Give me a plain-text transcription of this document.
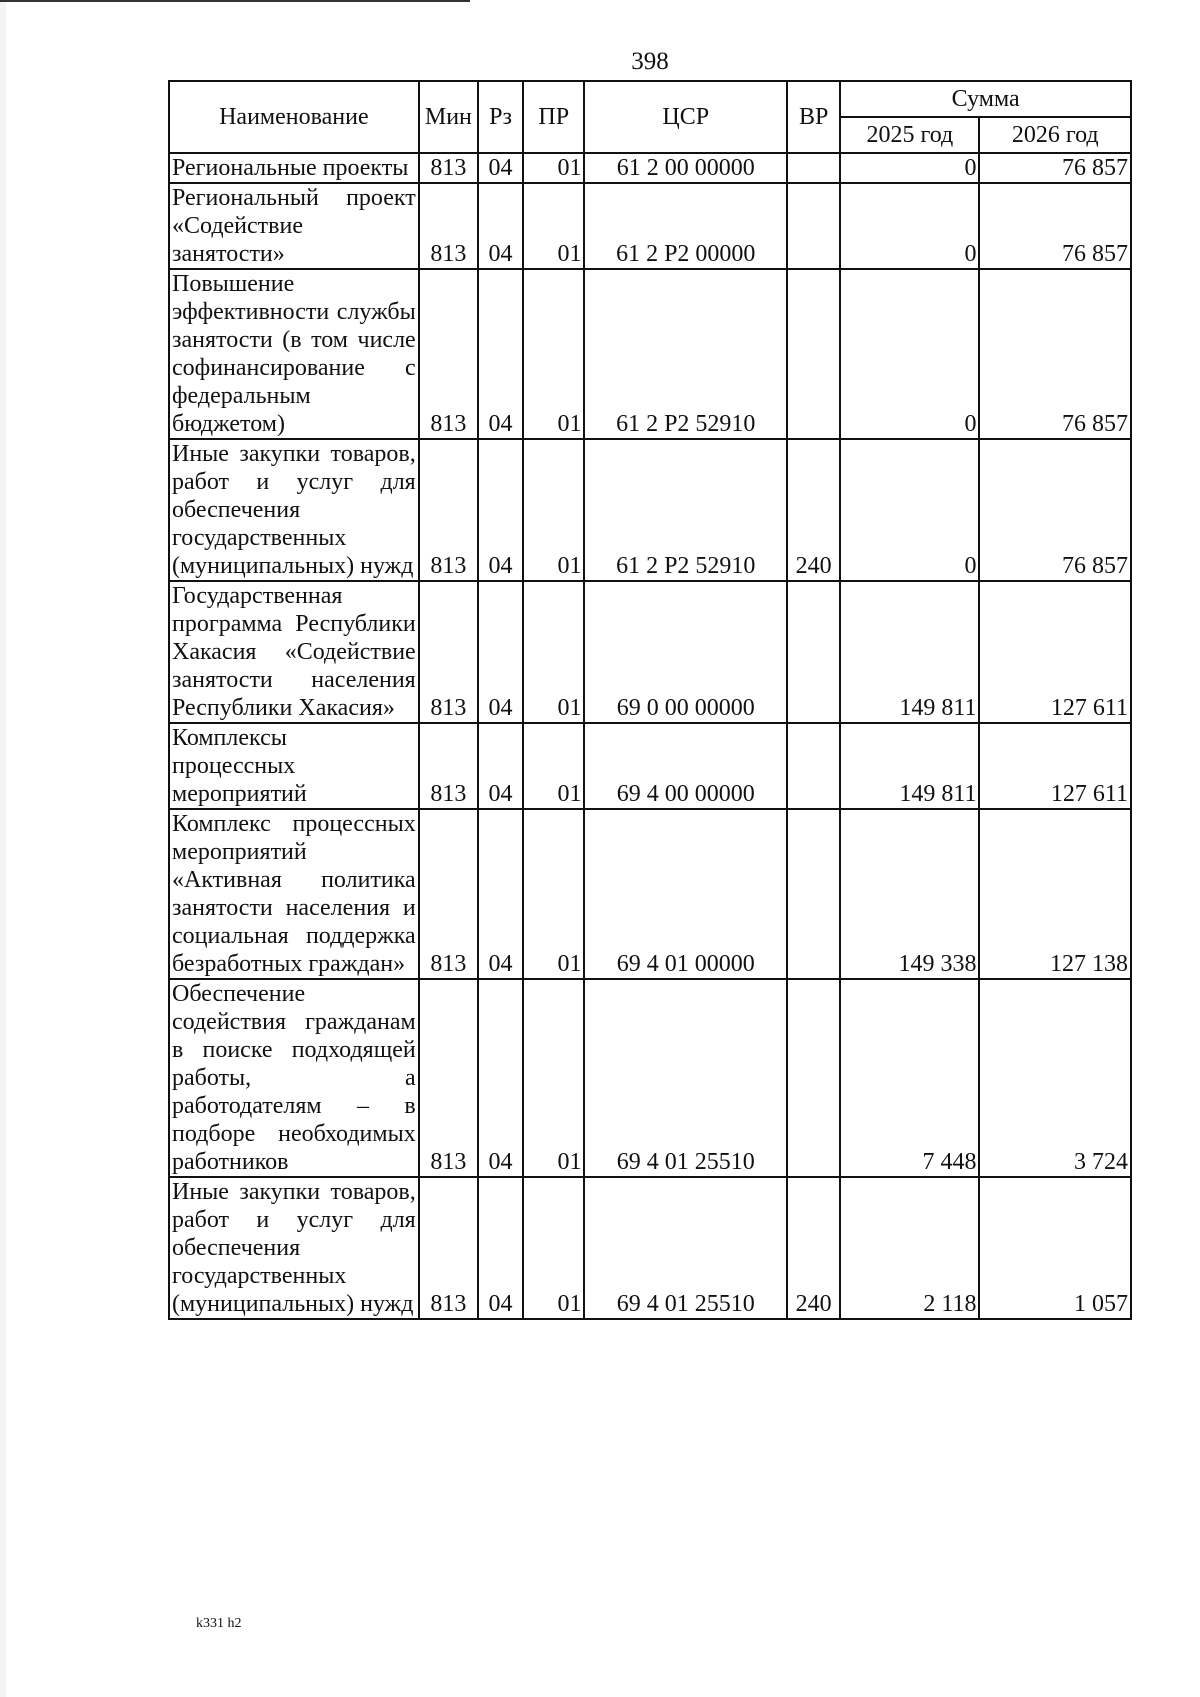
398
Наименование	Мин	Рз	ПР	ЦСР	ВР	Сумма	
						2025 год	2026 год
Региональные проекты	813	04	01	61 2 00 00000		0	76 857
Региональный проект «Содействие занятости»	813	04	01	61 2 Р2 00000		0	76 857
Повышение эффективности службы занятости (в том числе софинансирование с федеральным бюджетом)	813	04	01	61 2 Р2 52910		0	76 857
Иные закупки товаров, работ и услуг для обеспечения государственных (муниципальных) нужд	813	04	01	61 2 Р2 52910	240	0	76 857
Государственная программа Республики Хакасия «Содействие занятости населения Республики Хакасия»	813	04	01	69 0 00 00000		149 811	127 611
Комплексы процессных мероприятий	813	04	01	69 4 00 00000		149 811	127 611
Комплекс процессных мероприятий «Активная политика занятости населения и социальная поддержка безработных граждан»	813	04	01	69 4 01 00000		149 338	127 138
Обеспечение содействия гражданам в поиске подходящей работы, а работодателям – в подборе необходимых работников	813	04	01	69 4 01 25510		7 448	3 724
Иные закупки товаров, работ и услуг для обеспечения государственных (муниципальных) нужд	813	04	01	69 4 01 25510	240	2 118	1 057
k331 h2
